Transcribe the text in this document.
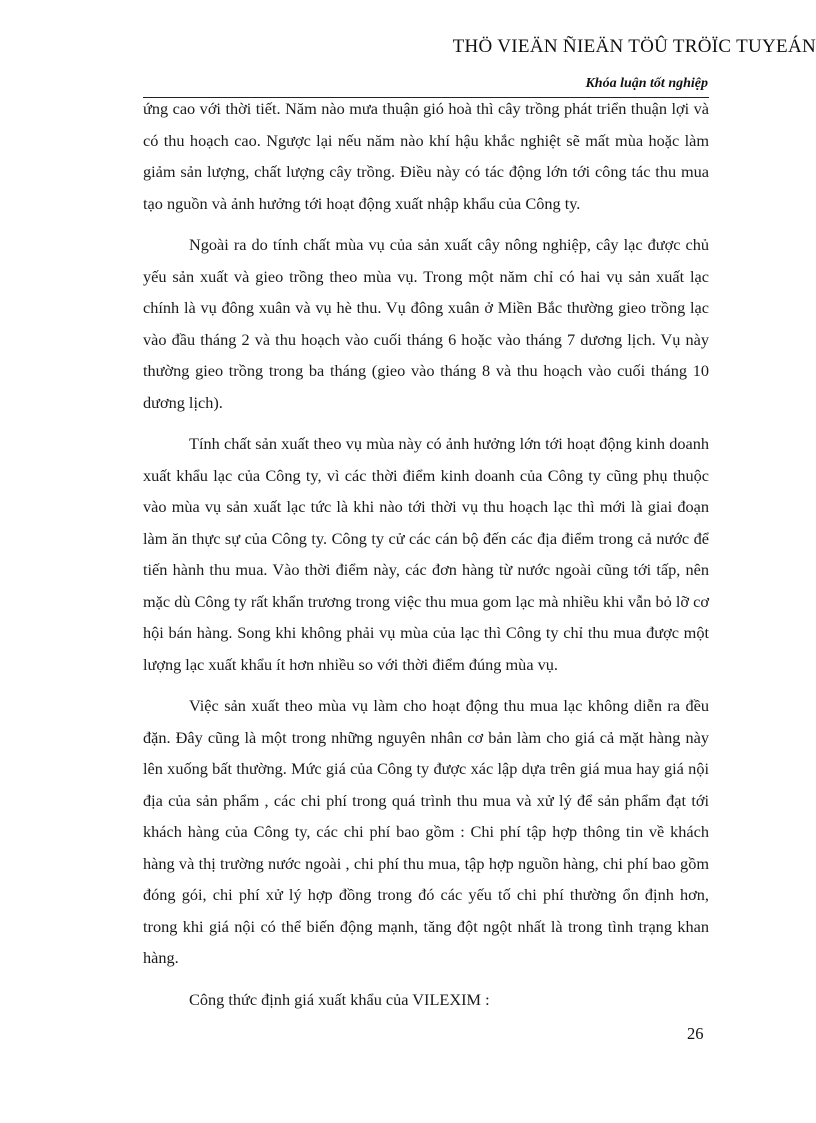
THÖ VIEÄN ÑIEÄN TÖÛ TRÖÏC TUYEÁN
Khóa luận tốt nghiệp

ứng cao với thời tiết. Năm nào mưa thuận gió hoà thì cây trồng phát triển thuận lợi và có thu hoạch cao. Ngược lại nếu năm nào khí hậu khắc nghiệt sẽ mất mùa hoặc làm giảm sản lượng, chất lượng cây trồng. Điều này có tác động lớn tới công tác thu mua tạo nguồn và ảnh hưởng tới hoạt động xuất nhập khẩu của Công ty.

Ngoài ra do tính chất mùa vụ của sản xuất cây nông nghiệp, cây lạc được chủ yếu sản xuất và gieo trồng theo mùa vụ. Trong một năm chỉ có hai vụ sản xuất lạc chính là vụ đông xuân và vụ hè thu. Vụ đông xuân ở Miền Bắc thường gieo trồng lạc vào đầu tháng 2 và thu hoạch vào cuối tháng 6 hoặc vào tháng 7 dương lịch. Vụ này thường gieo trồng trong ba tháng (gieo vào tháng 8 và thu hoạch vào cuối tháng 10 dương lịch).

Tính chất sản xuất theo vụ mùa này có ảnh hưởng lớn tới hoạt động kinh doanh xuất khẩu lạc của Công ty, vì các thời điểm kinh doanh của Công ty cũng phụ thuộc vào mùa vụ sản xuất lạc tức là khi nào tới thời vụ thu hoạch lạc thì mới là giai đoạn làm ăn thực sự của Công ty. Công ty cử các cán bộ đến các địa điểm trong cả nước để tiến hành thu mua. Vào thời điểm này, các đơn hàng từ nước ngoài cũng tới tấp, nên mặc dù Công ty rất khẩn trương trong việc thu mua gom lạc mà nhiều khi vẫn bỏ lỡ cơ hội bán hàng. Song khi không phải vụ mùa của lạc thì Công ty chỉ thu mua được một lượng lạc xuất khẩu ít hơn nhiều so với thời điểm đúng mùa vụ.

Việc sản xuất theo mùa vụ làm cho hoạt động thu mua lạc không diễn ra đều đặn. Đây cũng là một trong những nguyên nhân cơ bản làm cho giá cả mặt hàng này lên xuống bất thường. Mức giá của Công ty được xác lập dựa trên giá mua hay giá nội địa của sản phẩm , các chi phí trong quá trình thu mua và xử lý để sản phẩm đạt tới khách hàng của Công ty, các chi phí bao gồm : Chi phí tập hợp thông tin về khách hàng và thị trường nước ngoài , chi phí thu mua, tập hợp nguồn hàng, chi phí bao gồm đóng gói, chi phí xử lý hợp đồng trong đó các yếu tố chi phí thường ổn định hơn, trong khi giá nội có thể biến động mạnh, tăng đột ngột nhất là trong tình trạng khan hàng.

Công thức định giá xuất khẩu của VILEXIM :

26
